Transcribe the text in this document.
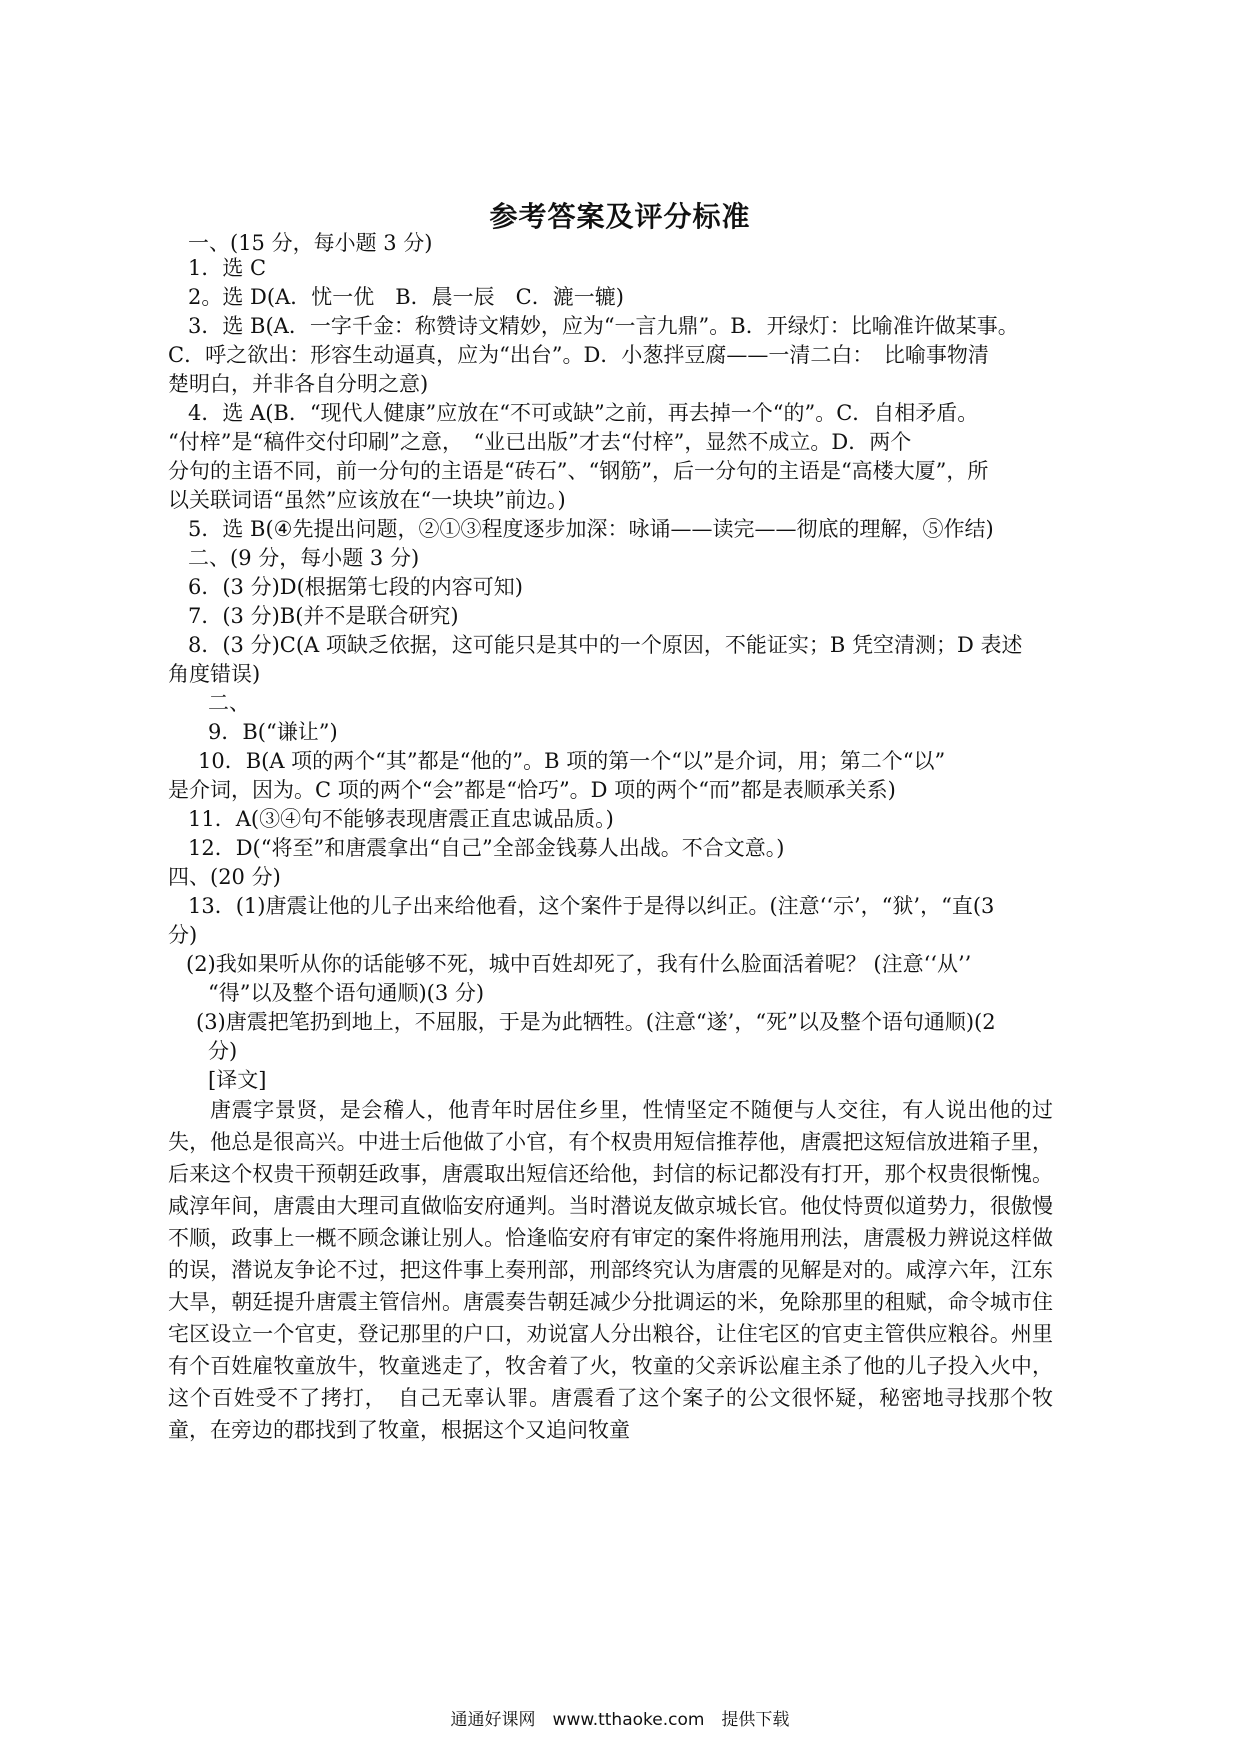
参考答案及评分标准
一、(15 分，每小题 3 分)
1．选 C
2。选 D(A．忧一优　B．晨一辰　C．漉一辘)
3．选 B(A．一字千金：称赞诗文精妙，应为“一言九鼎”。B．开绿灯：比喻准许做某事。
C．呼之欲出：形容生动逼真，应为“出台”。D．小葱拌豆腐——一清二白：　比喻事物清
楚明白，并非各自分明之意)
4．选 A(B．“现代人健康”应放在“不可或缺”之前，再去掉一个“的”。C．自相矛盾。
“付梓”是“稿件交付印刷”之意，　“业已出版”才去“付梓”，显然不成立。D．两个
分句的主语不同，前一分句的主语是“砖石”、“钢筋”，后一分句的主语是“高楼大厦”，所
以关联词语“虽然”应该放在“一块块”前边。)
5．选 B(④先提出问题，②①③程度逐步加深：咏诵——读完——彻底的理解，⑤作结)
二、(9 分，每小题 3 分)
6．(3 分)D(根据第七段的内容可知)
7．(3 分)B(并不是联合研究)
8．(3 分)C(A 项缺乏依据，这可能只是其中的一个原因，不能证实；B 凭空清测；D 表述
角度错误)
二、
9．B(“谦让”)
10．B(A 项的两个“其”都是“他的”。B 项的第一个“以”是介词，用；第二个“以”
是介词，因为。C 项的两个“会”都是“恰巧”。D 项的两个“而”都是表顺承关系)
11．A(③④句不能够表现唐震正直忠诚品质。)
12．D(“将至”和唐震拿出“自己”全部金钱募人出战。不合文意。)
四、(20 分)
13．(1)唐震让他的儿子出来给他看，这个案件于是得以纠正。(注意‘‘示’，“狱’，“直(3
分)
(2)我如果听从你的话能够不死，城中百姓却死了，我有什么脸面活着呢？ (注意‘‘从’’
“得”以及整个语句通顺)(3 分)
(3)唐震把笔扔到地上，不屈服，于是为此牺牲。(注意“遂’，“死”以及整个语句通顺)(2
分)
[译文]
唐震字景贤，是会稽人，他青年时居住乡里，性情坚定不随便与人交往，有人说出他的过失，他总是很高兴。中进士后他做了小官，有个权贵用短信推荐他，唐震把这短信放进箱子里，后来这个权贵干预朝廷政事，唐震取出短信还给他，封信的标记都没有打开，那个权贵很惭愧。咸淳年间，唐震由大理司直做临安府通判。当时潜说友做京城长官。他仗恃贾似道势力，很傲慢不顺，政事上一概不顾念谦让别人。恰逢临安府有审定的案件将施用刑法，唐震极力辨说这样做的误，潜说友争论不过，把这件事上奏刑部，刑部终究认为唐震的见解是对的。咸淳六年，江东大旱，朝廷提升唐震主管信州。唐震奏告朝廷减少分批调运的米，免除那里的租赋，命令城市住宅区设立一个官吏，登记那里的户口，劝说富人分出粮谷，让住宅区的官吏主管供应粮谷。州里有个百姓雇牧童放牛，牧童逃走了，牧舍着了火，牧童的父亲诉讼雇主杀了他的儿子投入火中，这个百姓受不了拷打，　自己无辜认罪。唐震看了这个案子的公文很怀疑，秘密地寻找那个牧童，在旁边的郡找到了牧童，根据这个又追问牧童
通通好课网　www.tthaoke.com　提供下载
